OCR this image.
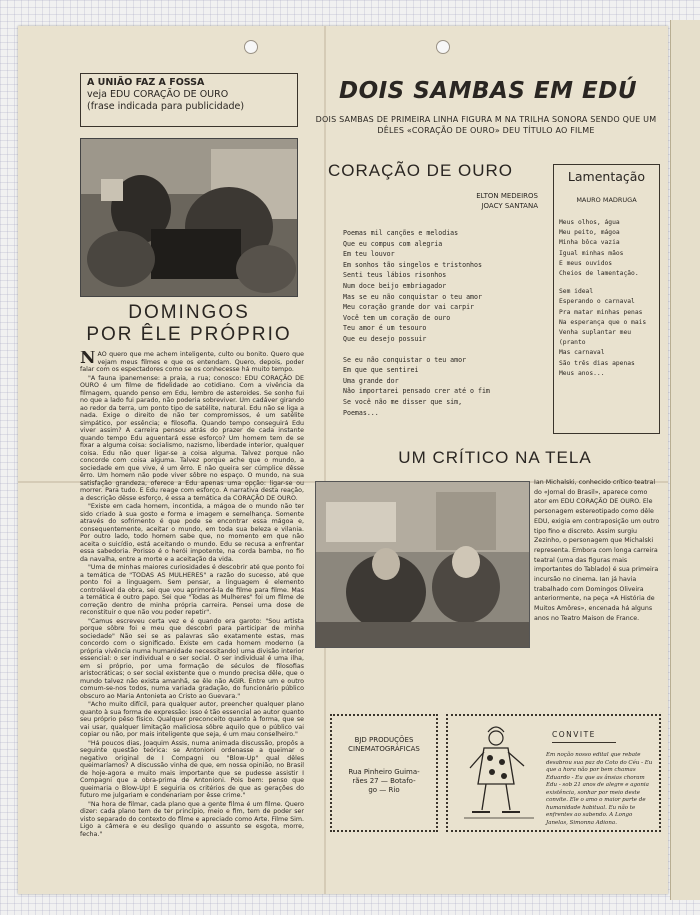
A UNIÃO FAZ A FOSSA
veja EDU CORAÇÃO DE OURO
(frase indicada para publicidade)
DOIS SAMBAS EM EDÚ
DOIS SAMBAS DE PRIMEIRA LINHA FIGURA M NA TRILHA SONORA SENDO QUE UM DÊLES «CORAÇÃO DE OURO» DEU TÍTULO AO FILME
DOMINGOS
POR ÊLE PRÓPRIO

NÃO quero que me achem inteligente, culto ou bonito. Quero que vejam meus filmes e que os entendam. Quero, depois, poder falar com os espectadores como se os conhecesse há muito tempo.

"A fauna ipanemense: a praia, a rua; conosco: EDU CORAÇÃO DE OURO é um filme de fidelidade ao cotidiano. Com a vivência da filmagem, quando penso em Edu, lembro de asteroides. Se sonho fui no que a lado fui parado, não poderia sobreviver. Um cadáver girando ao redor da terra, um ponto tipo de satélite, natural. Edu não se liga a nada. Exige o direito de não ter compromissos, é um satélite simpático, por essência; e filosofia. Quando tempo conseguirá Edu viver assim? A carreira pensou atrás do prazer de cada instante quando tempo Edu aguentará esse esforço? Um homem tem de se fixar a alguma coisa: socialismo, nazismo, liberdade interior, qualquer coisa. Edu não quer ligar-se a coisa alguma. Talvez porque não concorde com coisa alguma. Talvez porque ache que o mundo, a sociedade em que vive, é um êrro. E não queira ser cúmplice dêsse êrro. Um homem não pode viver sôbre no espaço. O mundo, na sua satisfação grandeza, oferece a Edu apenas uma opção: ligar-se ou morrer. Para tudo. E Edu reage com esforço. A narrativa desta reação, a descrição dêsse esforço, é essa a temática da CORAÇÃO DE OURO.

"Existe em cada homem, incontida, a mágoa de o mundo não ter sido criado à sua gosto e forma e imagem e semelhança. Somente através do sofrimento é que pode se encontrar essa mágoa e, consequentemente, aceitar o mundo, em toda sua beleza e vilania. Por outro lado, todo homem sabe que, no momento em que não aceita o suicídio, está aceitando o mundo. Edu se recusa a enfrentar essa sabedoria. Porisso é o herói impotente, na corda bamba, no fio da navalha, entre a morte e a aceitação da vida.

"Uma de minhas maiores curiosidades é descobrir até que ponto foi a temática de "TODAS AS MULHERES" a razão do sucesso, até que ponto foi a linguagem. Sem pensar, a linguagem é elemento controlável da obra, sei que vou aprimorá-la de filme para filme. Mas a temática é outro papo. Sei que "Todas as Mulheres" foi um filme de correção dentro de minha própria carreira. Pensei uma dose de reconstituir o que não vou poder repetir".

"Camus escreveu certa vez e é quando era garoto: "Sou artista porque sôbre foi e meu que descobri para participar de minha sociedade" Não sei se as palavras são exatamente estas, mas concordo com o significado. Existe em cada homem moderno (a própria vivência numa humanidade necessitando) uma divisão interior essencial: o ser individual e o ser social. O ser individual é uma ilha, em si próprio, por uma formação de séculos de filosofias aristocráticas; o ser social existente que o mundo precisa dêle, que o mundo talvez não exista amanhã, se êle não AGIR. Entre um e outro comum-se-nos todos, numa variada gradação, do funcionário público obscuro ao Maria Antonieta ao Cristo ao Guevara."

"Acho muito difícil, para qualquer autor, preencher qualquer plano quanto à sua forma de expressão: isso é tão essencial ao autor quanto seu próprio pêso físico. Qualquer preconceito quanto à forma, que se vai usar, qualquer limitação maliciosa sôbre aquilo que o público vai copiar ou não, por mais inteligente que seja, é um mau conselheiro."

"Há poucos dias, Joaquim Assis, numa animada discussão, propôs a seguinte questão teórica: se Antonioni ordenasse a queimar o negativo original de I Compagni ou "Blow-Up" qual dêles queimaríamos? A discussão vinha de que, em nossa opinião, no Brasil de hoje-agora e muito mais importante que se pudesse assistir I Compagni que a obra-prima de Antonioni. Pois bem: penso que queimaria o Blow-Up! E seguiria os critérios de que as gerações do futuro me julgariam e condenariam por êsse crime."

"Na hora de filmar, cada plano que a gente filma é um filme. Quero dizer: cada plano tem de ter princípio, meio e fim, tem de poder ser visto separado do contexto do filme e apreciado como Arte. Filme Sim. Ligo a câmera e eu desligo quando o assunto se esgota, morre, fecha."

CORAÇÃO DE OURO
ELTON MEDEIROS
JOACY SANTANA
Poemas mil canções e melodias
Que eu compus com alegria
Em teu louvor
Em sonhos tão singelos e tristonhos
Senti teus lábios risonhos
Num doce beijo embriagador
Mas se eu não conquistar o teu amor
Meu coração grande dor vai carpir
Você tem um coração de ouro
Teu amor é um tesouro
Que eu desejo possuir
Se eu não conquistar o teu amor
Em que que sentirei
Uma grande dor
Não importarei pensado crer até o fim
Se você não me disser que sim,
Poemas...
Lamentação
MAURO MADRUGA
Meus olhos, água
Meu peito, mágoa
Minha bôca vazia
Igual minhas mãos
E meus ouvidos
Cheios de lamentação.
Sem ideal
Esperando o carnaval
Pra matar minhas penas
Na esperança que o mais
Venha suplantar meu
(pranto
Mas carnaval
São três dias apenas
Meus anos...
UM CRÍTICO NA TELA
Ian Michalski, conhecido crítico teatral do «Jornal do Brasil», aparece como ator em EDU CORAÇÃO DE OURO. Ele personagem estereotipado como dêle EDU, exigia em contraposição um outro tipo fino e discreto. Assim surgiu Zezinho, o personagem que Michalski representa. Embora com longa carreira teatral (uma das figuras mais importantes do Tablado) é sua primeira incursão no cinema. Ian já havia trabalhado com Domingos Oliveira anteriormente, na peça «A História de Muitos Amôres», encenada há alguns anos no Teatro Maison de France.
BJD PRODUÇÕES
CINEMATOGRÁFICAS
Rua Pinheiro Guima-
rães 27 — Botafo-
go — Rio
CONVITE
Em noção nosso edital que rebate desabrou sua paz do Coto do Céu - Eu que a hora não por bem chamas Eduardo - Eu que as ânsias choram Edu - sob 21 anos de alegre e agonia existência, sonhar por meio deste convite. Ele o amo o maior parte de humanidade habitual. Eu não te enfrentes ao sabendo. A Longo Janelas, Simonna Adiona.
